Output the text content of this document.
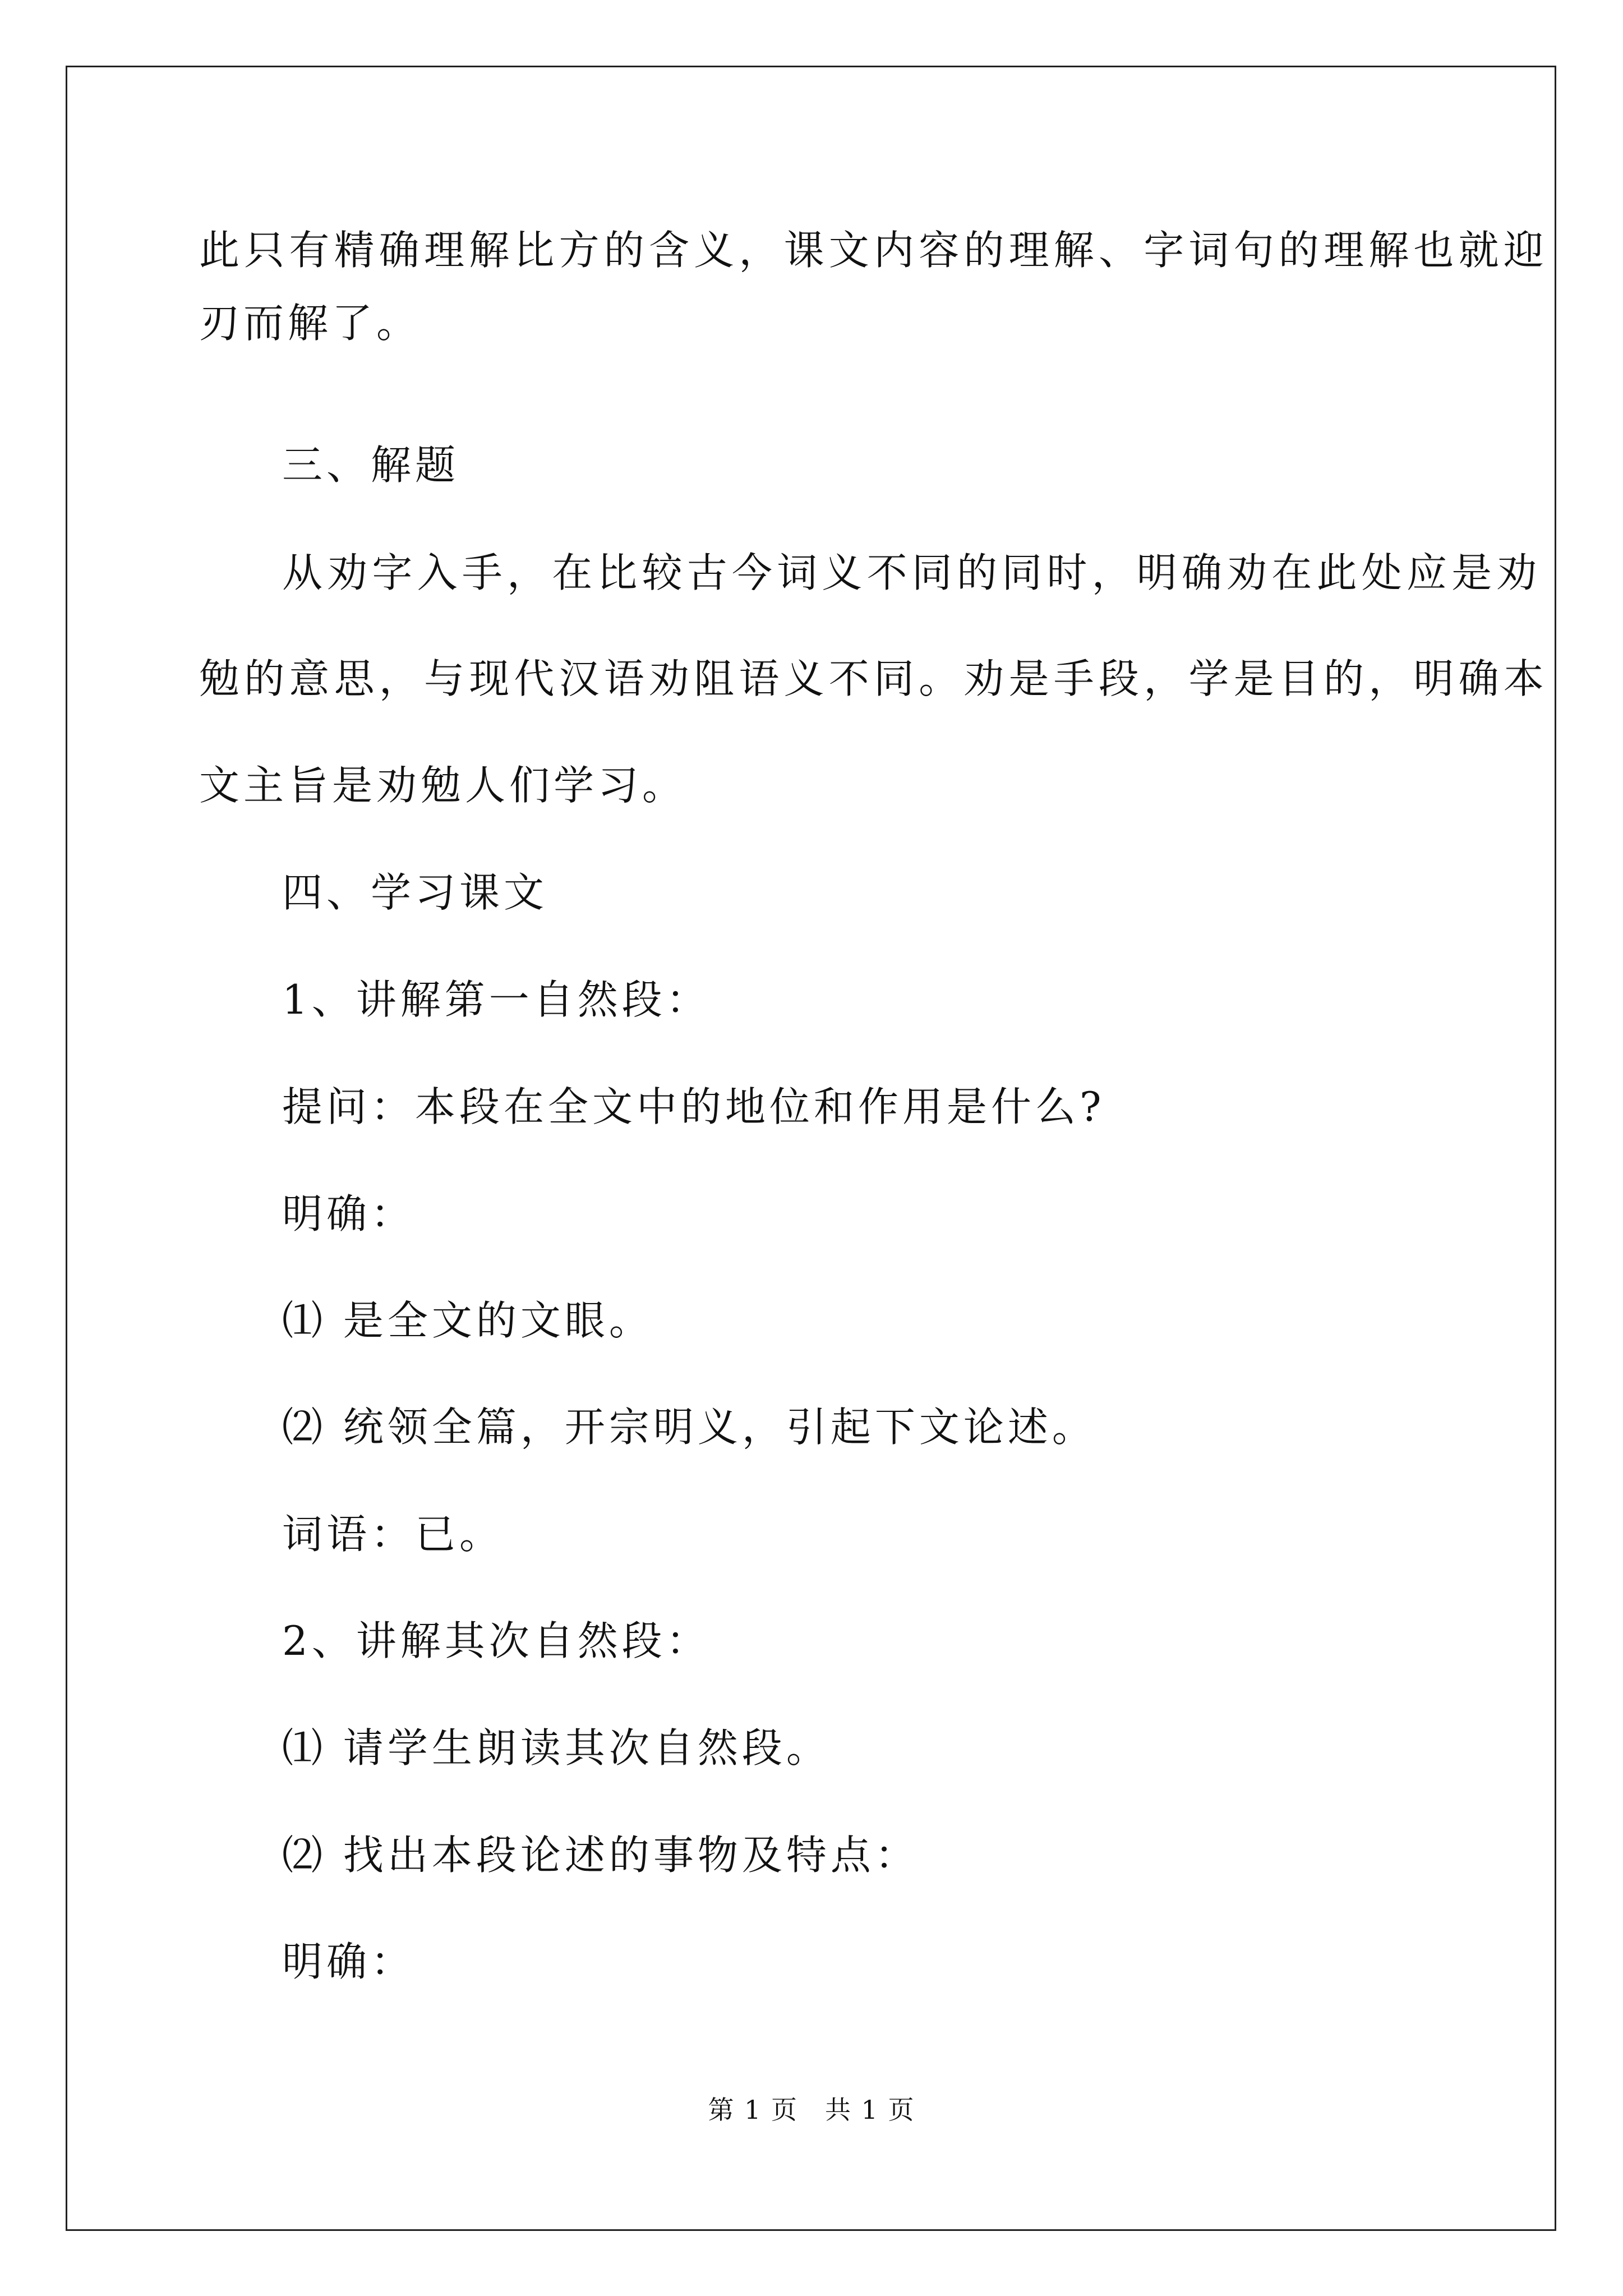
此只有精确理解比方的含义，课文内容的理解、字词句的理解也就迎
刃而解了。
三、解题
从劝字入手，在比较古今词义不同的同时，明确劝在此处应是劝
勉的意思，与现代汉语劝阻语义不同。劝是手段，学是目的，明确本
文主旨是劝勉人们学习。
四、学习课文
1、讲解第一自然段：
提问：本段在全文中的地位和作用是什么?
明确：
⑴ 是全文的文眼。
⑵ 统领全篇，开宗明义，引起下文论述。
词语：已。
2、讲解其次自然段：
⑴ 请学生朗读其次自然段。
⑵ 找出本段论述的事物及特点：
明确：
第 1 页　共 1 页
